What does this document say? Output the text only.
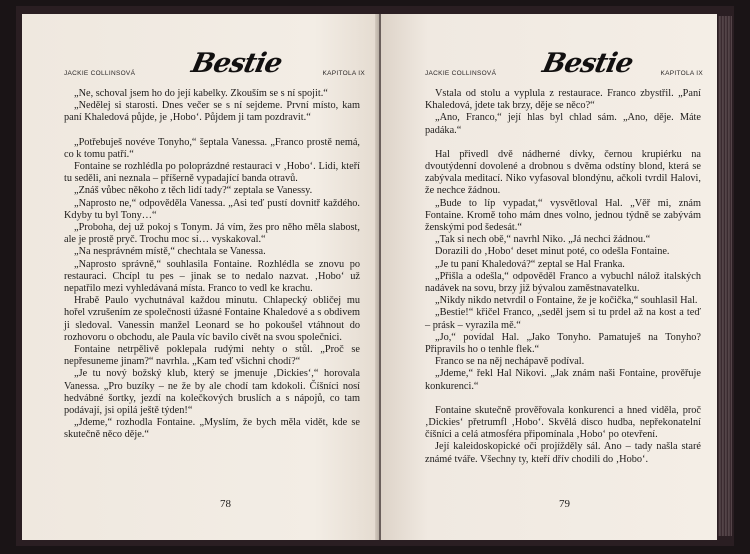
JACKIE COLLINSOVÁ Bestie	KAPITOLA IX

„Ne, schoval jsem ho do její kabelky. Zkouším se s ní spojit.“

„Nedělej si starosti. Dnes večer se s ní sejdeme. První místo, kam paní Khaledová půjde, je ‚Hobo‘. Půjdem ji tam pozdravit.“

„Potřebuješ novéve Tonyho,“ šeptala Vanessa. „Franco prostě nemá, co k tomu patří.“

Fontaine se rozhlédla po poloprázdné restauraci v ‚Hobo‘. Lidi, kteří tu seděli, ani neznala – příšerně vypadající banda otravů.

„Znáš vůbec někoho z těch lidí tady?“ zeptala se Vanessy.

„Naprosto ne,“ odpověděla Vanessa. „Asi teď pustí dovnitř každého. Kdyby tu byl Tony…“

„Proboha, dej už pokoj s Tonym. Já vím, žes pro něho měla slabost, ale je prostě pryč. Trochu moc si… vyskakoval.“

„Na nesprávném místě,“ chechtala se Vanessa.

„Naprosto správně,“ souhlasila Fontaine. Rozhlédla se znovu po restauraci. Chcípl tu pes – jinak se to nedalo nazvat. ‚Hobo‘ už nepatřilo mezi vyhledávaná místa. Franco to vedl ke krachu.

Hrabě Paulo vychutnával každou minutu. Chlapecký obličej mu hořel vzrušením ze společnosti úžasné Fontaine Khaledové a s obdivem ji sledoval. Vanessin manžel Leonard se ho pokoušel vtáhnout do rozhovoru o obchodu, ale Paula víc bavilo civět na svou společnici.

Fontaine netrpělivě poklepala rudými nehty o stůl. „Proč se nepřesuneme jinam?“ navrhla. „Kam teď všichni chodí?“

„Je tu nový božský klub, který se jmenuje ‚Dickies‘,“ horovala Vanessa. „Pro buzíky – ne že by ale chodí tam kdokoli. Číšníci nosí hedvábné šortky, jezdí na kolečkových bruslích a s nápojů, co tam podávají, jsi opilá ještě týden!“

„Jdeme,“ rozhodla Fontaine. „Myslím, že bych měla vidět, kde se skutečně něco děje.“

78
JACKIE COLLINSOVÁ Bestie	KAPITOLA IX

Vstala od stolu a vyplula z restaurace. Franco zbystřil. „Paní Khaledová, jdete tak brzy, děje se něco?“

„Ano, Franco,“ její hlas byl chlad sám. „Ano, děje. Máte padáka.“

Hal přivedl dvě nádherné dívky, černou krupiérku na dvoutýdenní dovolené a drobnou s dvěma odstíny blond, která se zabývala meditací. Niko vyfasoval blondýnu, ačkoli tvrdil Halovi, že nechce žádnou.

„Bude to líp vypadat,“ vysvětloval Hal. „Věř mi, znám Fontaine. Kromě toho mám dnes volno, jednou týdně se zabývám ženskými pod šedesát.“

„Tak si nech obě,“ navrhl Niko. „Já nechci žádnou.“

Dorazili do ‚Hobo‘ deset minut poté, co odešla Fontaine.

„Je tu paní Khaledová?“ zeptal se Hal Franka.

„Přišla a odešla,“ odpověděl Franco a vybuchl nálož italských nadávek na sovu, brzy již bývalou zaměstnavatelku.

„Nikdy nikdo netvrdil o Fontaine, že je kočička,“ souhlasil Hal.

„Bestie!“ křičel Franco, „seděl jsem si tu prdel až na kost a teď – prásk – vyrazila mě.“

„Jo,“ povídal Hal. „Jako Tonyho. Pamatuješ na Tonyho? Připravils ho o tenhle flek.“

Franco se na něj nechápavě podíval.

„Jdeme,“ řekl Hal Nikovi. „Jak znám naši Fontaine, prověřuje konkurenci.“

Fontaine skutečně prověřovala konkurenci a hned viděla, proč ‚Dickies‘ přetrumfl ‚Hobo‘. Skvělá disco hudba, nepřekonatelní číšníci a celá atmosféra připomínala ‚Hobo‘ po otevření.

Její kaleidoskopické oči projížděly sál. Ano – tady našla staré známé tváře. Všechny ty, kteří dřív chodili do ‚Hobo‘.

79
